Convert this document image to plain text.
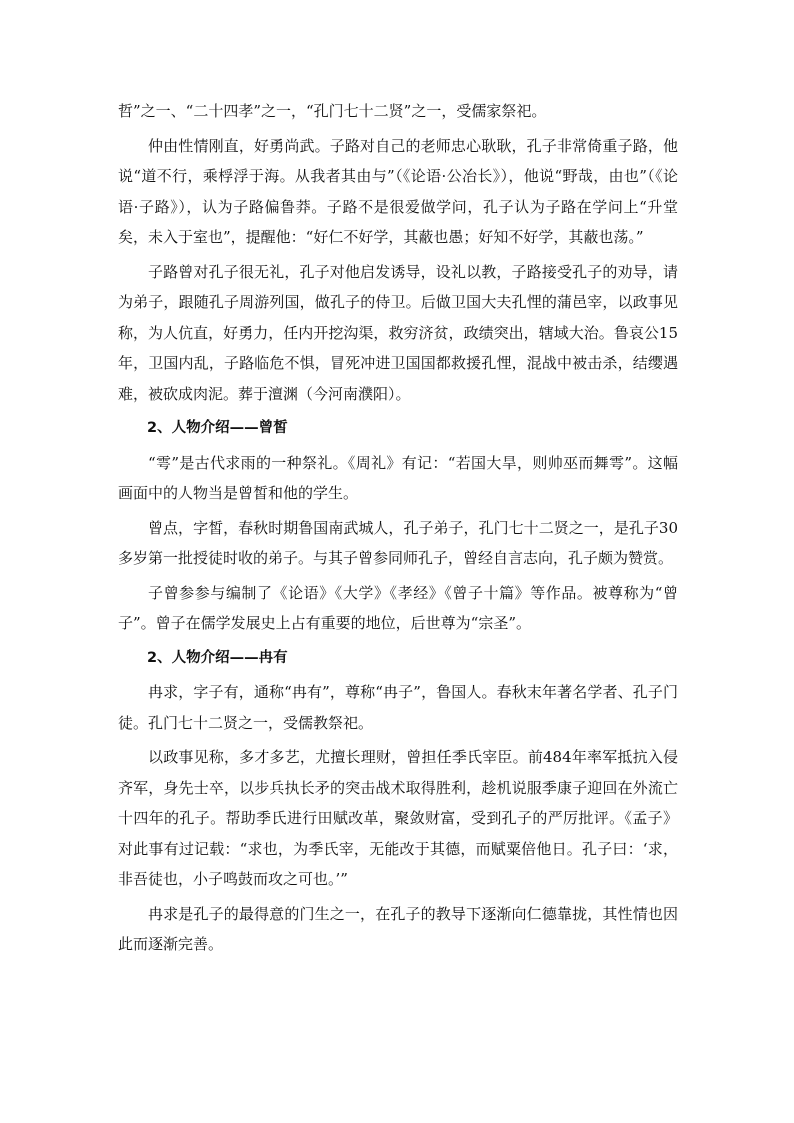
哲”之一、“二十四孝”之一，“孔门七十二贤”之一，受儒家祭祀。

仲由性情刚直，好勇尚武。子路对自己的老师忠心耿耿，孔子非常倚重子路，他说“道不行，乘桴浮于海。从我者其由与”（《论语·公冶长》），他说“野哉，由也”（《论语·子路》），认为子路偏鲁莽。子路不是很爱做学问，孔子认为子路在学问上“升堂矣，未入于室也”，提醒他：“好仁不好学，其蔽也愚；好知不好学，其蔽也荡。”

子路曾对孔子很无礼，孔子对他启发诱导，设礼以教，子路接受孔子的劝导，请为弟子，跟随孔子周游列国，做孔子的侍卫。后做卫国大夫孔悝的蒲邑宰，以政事见称，为人伉直，好勇力，任内开挖沟渠，救穷济贫，政绩突出，辖域大治。鲁哀公15年，卫国内乱，子路临危不惧，冒死冲进卫国国都救援孔悝，混战中被击杀，结缨遇难，被砍成肉泥。葬于澶渊（今河南濮阳）。

2、人物介绍——曾皙

“雩”是古代求雨的一种祭礼。《周礼》有记：“若国大旱，则帅巫而舞雩”。这幅画面中的人物当是曾皙和他的学生。

曾点，字皙，春秋时期鲁国南武城人，孔子弟子，孔门七十二贤之一，是孔子30多岁第一批授徒时收的弟子。与其子曾参同师孔子，曾经自言志向，孔子颇为赞赏。

子曾参参与编制了《论语》《大学》《孝经》《曾子十篇》等作品。被尊称为“曾子”。曾子在儒学发展史上占有重要的地位，后世尊为“宗圣”。

2、人物介绍——冉有

冉求，字子有，通称“冉有”，尊称“冉子”，鲁国人。春秋末年著名学者、孔子门徒。孔门七十二贤之一，受儒教祭祀。

以政事见称，多才多艺，尤擅长理财，曾担任季氏宰臣。前484年率军抵抗入侵齐军，身先士卒，以步兵执长矛的突击战术取得胜利，趁机说服季康子迎回在外流亡十四年的孔子。帮助季氏进行田赋改革，聚敛财富，受到孔子的严厉批评。《孟子》对此事有过记载：“求也，为季氏宰，无能改于其德，而赋粟倍他日。孔子曰：‘求，非吾徒也，小子鸣鼓而攻之可也。’”

冉求是孔子的最得意的门生之一，在孔子的教导下逐渐向仁德靠拢，其性情也因此而逐渐完善。
